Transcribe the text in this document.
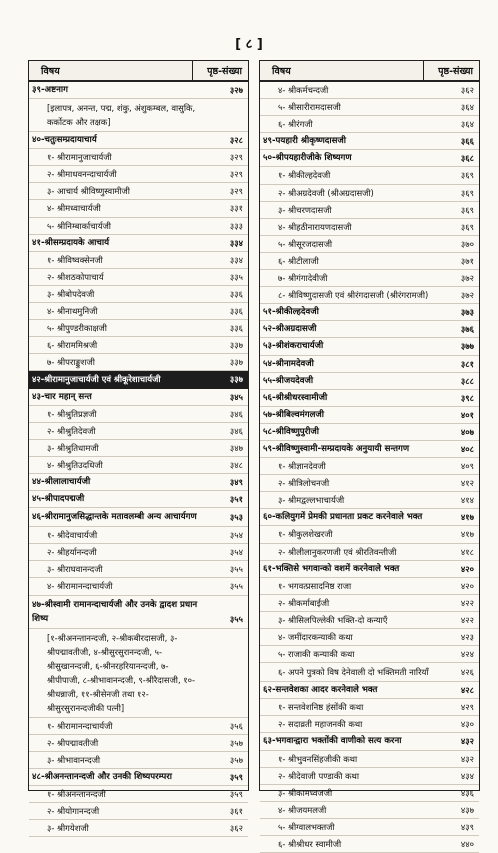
[ ८ ]
विषय	पृष्ठ-संख्या
३९-अष्टनाग	३२७
[इलापत्र, अनन्त, पद्म, शंकु, अंशुकम्बल, वासुकि, कर्कोटक और तक्षक]
४०-चतुःसम्प्रदायाचार्य	३२८
१- श्रीरामानुजाचार्यजी	३२९
२- श्रीमाधवनन्दाचार्यजी	३२९
३- आचार्य श्रीविष्णुस्वामीजी	३२९
४- श्रीमध्वाचार्यजी	३३१
५- श्रीनिम्बार्काचार्यजी	३३३
४१-श्रीसम्प्रदायके आचार्य	३३४
१- श्रीविष्वक्सेनजी	३३४
२- श्रीशठकोपाचार्य	३३५
३- श्रीबोपदेवजी	३३६
४- श्रीनाथमुनिजी	३३६
५- श्रीपुण्डरीकाक्षजी	३३६
६- श्रीराममिश्रजी	३३७
७- श्रीपराङ्कुशजी	३३७
४२-श्रीरामानुजाचार्यजी एवं श्रीकूरेशाचार्यजी	३३७
४३-चार महान् सन्त	३४५
१- श्रीश्रुतिप्रज्ञजी	३४६
२- श्रीश्रुतिदेवजी	३४६
३- श्रीश्रुतिधामजी	३४७
४- श्रीश्रुतिउदधिजी	३४८
४४-श्रीलालाचार्यजी	३४९
४५-श्रीपादपद्मजी	३५१
४६-श्रीरामानुजसिद्धान्तके मतावलम्बी अन्य आचार्यगण	३५३
१- श्रीदेवाचार्यजी	३५४
२- श्रीहर्यानन्दजी	३५४
३- श्रीराघवानन्दजी	३५५
४- श्रीरामानन्दाचार्यजी	३५५
४७-श्रीस्वामी रामानन्दाचार्यजी और उनके द्वादश प्रधान शिष्य	३५५
[१-श्रीअनन्तानन्दजी, २-श्रीकबीरदासजी, ३-श्रीपद्मावतीजी, ४-श्रीसुरसुरानन्दजी, ५-श्रीसुखानन्दजी, ६-श्रीनरहरियानन्दजी, ७-श्रीपीपाजी, ८-श्रीभावानन्दजी, ९-श्रीरैदासजी, १०-श्रीधन्नाजी, ११-श्रीसेनजी तथा १२-श्रीसुरसुरानन्दजीकी पत्नी]
१- श्रीरामानन्दाचार्यजी	३५६
२- श्रीपद्मावतीजी	३५७
३- श्रीभावानन्दजी	३५७
४८-श्रीअनन्तानन्दजी और उनकी शिष्यपरम्परा	३५९
१- श्रीअनन्तानन्दजी	३५९
२- श्रीयोगानन्दजी	३६१
३- श्रीगयेशजी	३६२
विषय	पृष्ठ-संख्या
४- श्रीकर्मचन्दजी	३६२
५- श्रीसारीरामदासजी	३६४
६- श्रीरंगजी	३६४
४९-पयहारी श्रीकृष्णदासजी	३६६
५०-श्रीपयहारीजीके शिष्यगण	३६८
१- श्रीकील्हदेवजी	३६९
२- श्रीअग्रदेवजी (श्रीअग्रदासजी)	३६९
३- श्रीचरणदासजी	३६९
४- श्रीहठीनारायणदासजी	३६९
५- श्रीसूरजदासजी	३७०
६- श्रीटीलाजी	३७१
७- श्रीगंगादेवीजी	३७२
८- श्रीविष्णुदासजी एवं श्रीरंगदासजी (श्रीरंगरामजी)	३७२
५१-श्रीकील्हदेवजी	३७३
५२-श्रीअग्रदासजी	३७६
५३-श्रीशंकराचार्यजी	३७७
५४-श्रीनामदेवजी	३८१
५५-श्रीजयदेवजी	३८८
५६-श्रीश्रीधरस्वामीजी	३९८
५७-श्रीबिल्वमंगलजी	४०१
५८-श्रीविष्णुपुरीजी	४०७
५९-श्रीविष्णुस्वामी-सम्प्रदायके अनुयायी सन्तगण	४०८
१- श्रीज्ञानदेवजी	४०९
२- श्रीत्रिलोचनजी	४१२
३- श्रीमद्वल्लभाचार्यजी	४१४
६०-कलियुगमें प्रेमकी प्रधानता प्रकट करनेवाले भक्त	४१७
१- श्रीकुलशेखरजी	४१७
२- श्रीलीलानुकरणजी एवं श्रीरतिवन्तीजी	४१८
६१-भक्तिसे भगवान्को वशमें करनेवाले भक्त	४२०
१- भगवत्प्रसादनिष्ठ राजा	४२०
२- श्रीकर्माबाईजी	४२२
३- श्रीसिलपिल्लेकी भक्ति-दो कन्याएँ	४२२
४- जमींदारकन्याकी कथा	४२३
५- राजाकी कन्याकी कथा	४२४
६- अपने पुत्रको विष देनेवाली दो भक्तिमती नारियाँ	४२६
६२-सन्तवेशका आदर करनेवाले भक्त	४२८
१- सन्तवेशनिष्ठ हंसोंकी कथा	४२९
२- सदाव्रती महाजनकी कथा	४३०
६३-भगवान्द्वारा भक्तोंकी वाणीको सत्य करना	४३२
१- श्रीभुवनसिंहजीकी कथा	४३२
२- श्रीदेवाजी पण्डाकी कथा	४३४
३- श्रीकामध्वजजी	४३६
४- श्रीजयमलजी	४३७
५- श्रीग्वालभक्तजी	४३९
६- श्रीश्रीधर स्वामीजी	४४०
